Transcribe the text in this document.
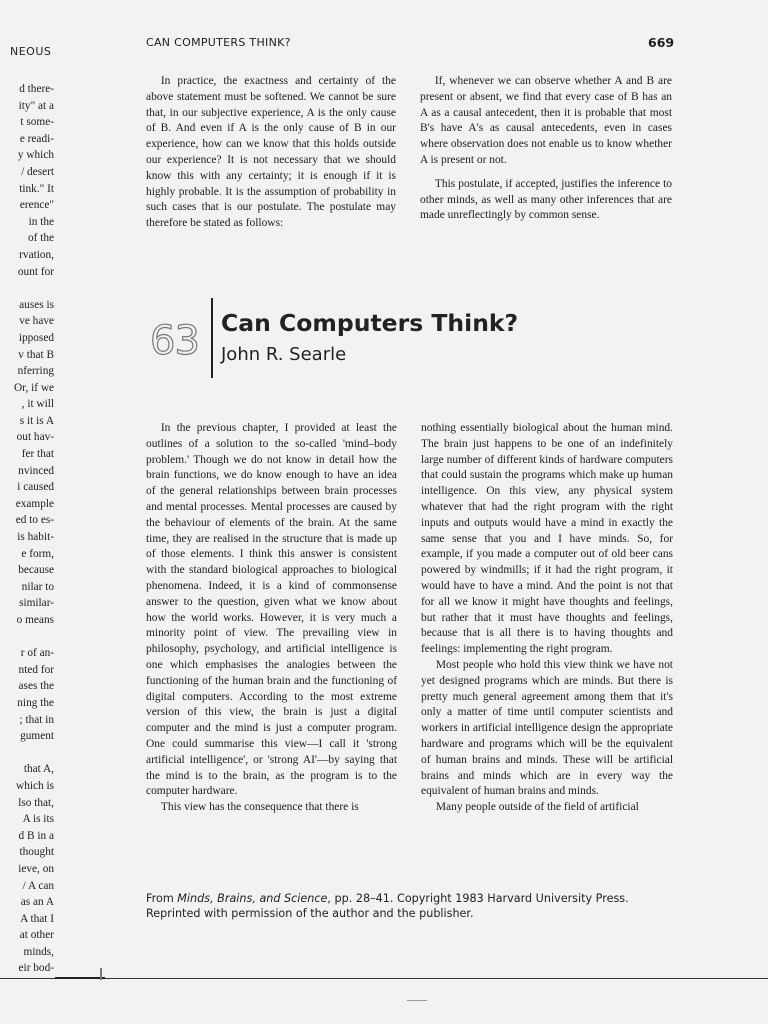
NEOUS
d there-
ity" at a
t some-
e readi-
y which
/ desert
tink." It
erence"
in the
of the
rvation,
ount for
auses is
ve have
ipposed
v that B
nferring
Or, if we
, it will
s it is A
out hav-
fer that
nvinced
i caused
example
ed to es-
is habit-
e form,
because
nilar to
similar-
o means
r of an-
nted for
ases the
ning the
; that in
gument
that A,
which is
lso that,
A is its
d B in a
thought
ieve, on
/ A can
as an A
A that I
at other
minds,
eir bod-
CAN COMPUTERS THINK?	669

In practice, the exactness and certainty of the above statement must be softened. We cannot be sure that, in our subjective experience, A is the only cause of B. And even if A is the only cause of B in our experience, how can we know that this holds outside our experience? It is not necessary that we should know this with any certainty; it is enough if it is highly probable. It is the assumption of probability in such cases that is our postulate. The postulate may therefore be stated as follows:

If, whenever we can observe whether A and B are present or absent, we find that every case of B has an A as a causal antecedent, then it is probable that most B's have A's as causal antecedents, even in cases where observation does not enable us to know whether A is present or not.

This postulate, if accepted, justifies the inference to other minds, as well as many other inferences that are made unreflectingly by common sense.

63 Can Computers Think?
John R. Searle

In the previous chapter, I provided at least the outlines of a solution to the so-called 'mind–body problem.' Though we do not know in detail how the brain functions, we do know enough to have an idea of the general relationships between brain processes and mental processes. Mental processes are caused by the behaviour of elements of the brain. At the same time, they are realised in the structure that is made up of those elements. I think this answer is consistent with the standard biological approaches to biological phenomena. Indeed, it is a kind of commonsense answer to the question, given what we know about how the world works. However, it is very much a minority point of view. The prevailing view in philosophy, psychology, and artificial intelligence is one which emphasises the analogies between the functioning of the human brain and the functioning of digital computers. According to the most extreme version of this view, the brain is just a digital computer and the mind is just a computer program. One could summarise this view—I call it 'strong artificial intelligence', or 'strong AI'—by saying that the mind is to the brain, as the program is to the computer hardware.

This view has the consequence that there is

nothing essentially biological about the human mind. The brain just happens to be one of an indefinitely large number of different kinds of hardware computers that could sustain the programs which make up human intelligence. On this view, any physical system whatever that had the right program with the right inputs and outputs would have a mind in exactly the same sense that you and I have minds. So, for example, if you made a computer out of old beer cans powered by windmills; if it had the right program, it would have to have a mind. And the point is not that for all we know it might have thoughts and feelings, but rather that it must have thoughts and feelings, because that is all there is to having thoughts and feelings: implementing the right program.

Most people who hold this view think we have not yet designed programs which are minds. But there is pretty much general agreement among them that it's only a matter of time until computer scientists and workers in artificial intelligence design the appropriate hardware and programs which will be the equivalent of human brains and minds. These will be artificial brains and minds which are in every way the equivalent of human brains and minds.

Many people outside of the field of artificial

From Minds, Brains, and Science, pp. 28–41. Copyright 1983 Harvard University Press.
Reprinted with permission of the author and the publisher.
